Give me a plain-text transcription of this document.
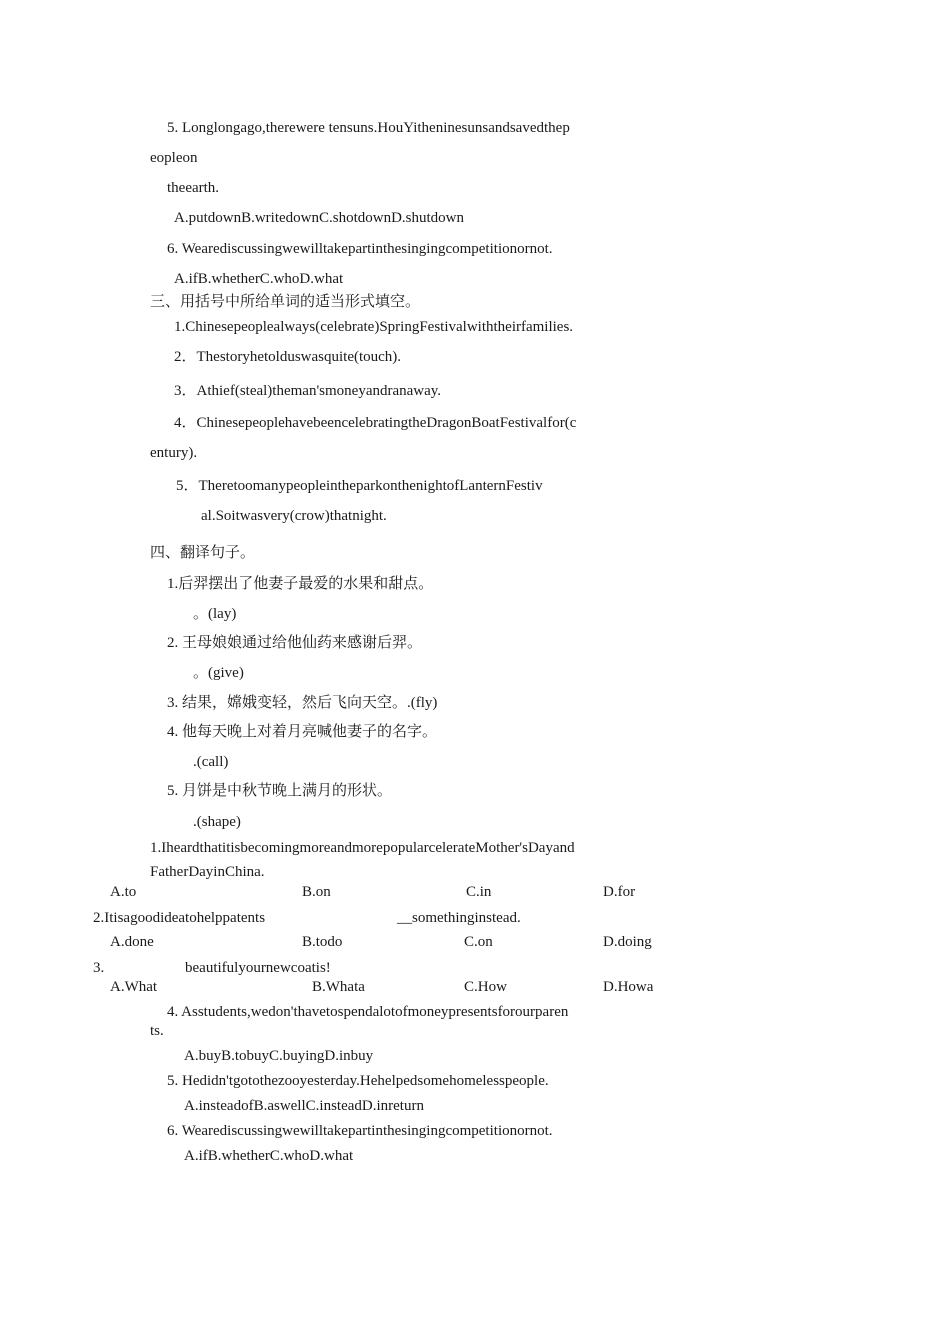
5. Longlongago,therewere tensuns.HouYitheninesunsandsavedthep
eopleon
theearth.
A.putdownB.writedownC.shotdownD.shutdown
6. Wearediscussingwewilltakepartinthesingingcompetitionornot.
A.ifB.whetherC.whoD.what
三、用括号中所给单词的适当形式填空。
1.Chinesepeoplealways(celebrate)SpringFestivalwiththeirfamilies.
2．Thestoryhetolduswasquite(touch).
3．Athief(steal)theman'smoneyandranaway.
4．ChinesepeoplehavebeencelebratingtheDragonBoatFestivalfor(c
entury).
5．TheretoomanypeopleintheparkonthenightofLanternFestiv
al.Soitwasvery(crow)thatnight.
四、翻译句子。
1.后羿摆出了他妻子最爱的水果和甜点。
。(lay)
2. 王母娘娘通过给他仙药来感谢后羿。
。(give)
3. 结果，嫦娥变轻，然后飞向天空。.(fly)
4. 他每天晚上对着月亮喊他妻子的名字。
.(call)
5. 月饼是中秋节晚上满月的形状。
.(shape)
1.IheardthatitisbecomingmoreandmorepopularcelerateMother'sDayand
FatherDayinChina.
A.to	B.on	C.in	D.for
2.Itisagoodideatohelppatents	__somethinginstead.
A.done	B.todo	C.on	D.doing
3.	beautifulyournewcoatis!
A.What	B.Whata	C.How	D.Howa
4. Asstudents,wedon'thavetospendalotofmoneypresentsforourparen
ts.
A.buyB.tobuyC.buyingD.inbuy
5. Hedidn'tgotothezooyesterday.Hehelpedsomehomelesspeople.
A.insteadofB.aswellC.insteadD.inreturn
6. Wearediscussingwewilltakepartinthesingingcompetitionornot.
A.ifB.whetherC.whoD.what
